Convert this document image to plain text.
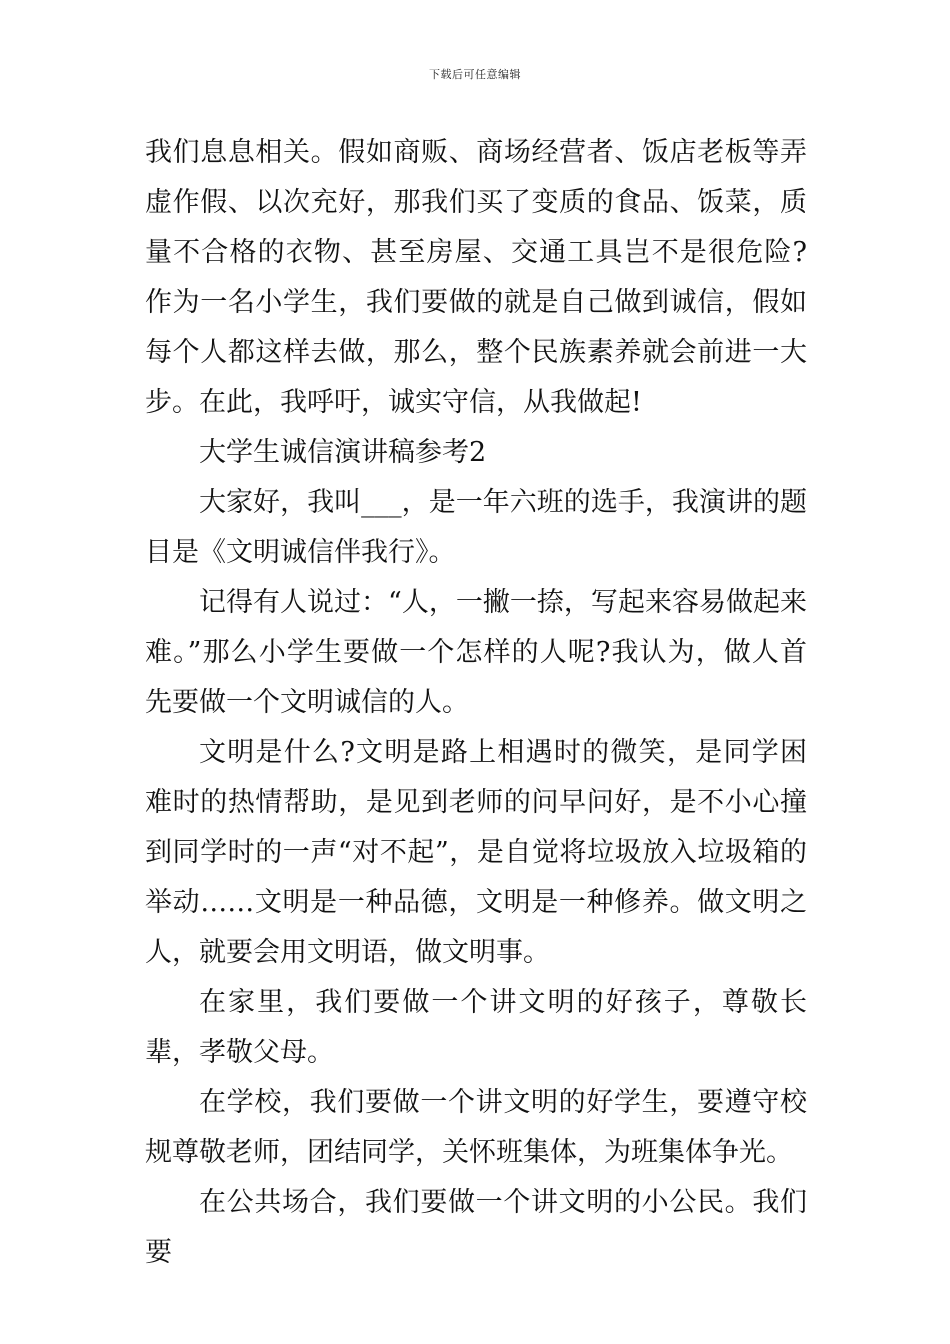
下载后可任意编辑

我们息息相关。假如商贩、商场经营者、饭店老板等弄虚作假、以次充好，那我们买了变质的食品、饭菜，质量不合格的衣物、甚至房屋、交通工具岂不是很危险?作为一名小学生，我们要做的就是自己做到诚信，假如每个人都这样去做，那么，整个民族素养就会前进一大步。在此，我呼吁，诚实守信，从我做起!

大学生诚信演讲稿参考2

大家好，我叫___，是一年六班的选手，我演讲的题目是《文明诚信伴我行》。

记得有人说过：“人，一撇一捺，写起来容易做起来难。”那么小学生要做一个怎样的人呢?我认为，做人首先要做一个文明诚信的人。

文明是什么?文明是路上相遇时的微笑，是同学困难时的热情帮助，是见到老师的问早问好，是不小心撞到同学时的一声“对不起”，是自觉将垃圾放入垃圾箱的举动……文明是一种品德，文明是一种修养。做文明之人，就要会用文明语，做文明事。

在家里，我们要做一个讲文明的好孩子，尊敬长辈，孝敬父母。

在学校，我们要做一个讲文明的好学生，要遵守校规尊敬老师，团结同学，关怀班集体，为班集体争光。

在公共场合，我们要做一个讲文明的小公民。我们要
